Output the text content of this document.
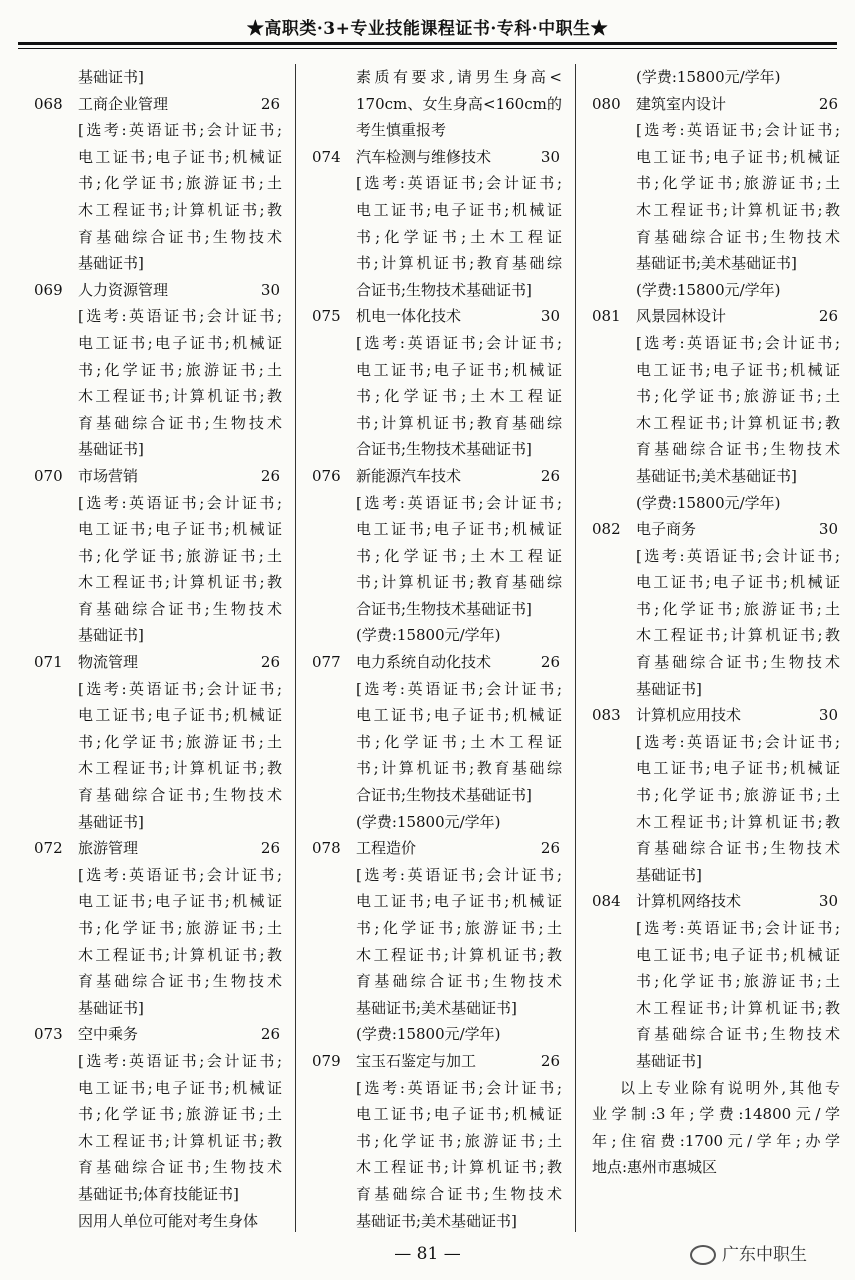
★高职类·3+专业技能课程证书·专科·中职生★
基础证书]
068 工商企业管理	26
[选考:英语证书;会计证书;
电工证书;电子证书;机械证
书;化学证书;旅游证书;土
木工程证书;计算机证书;教
育基础综合证书;生物技术
基础证书]
069 人力资源管理	30
[选考:英语证书;会计证书;
电工证书;电子证书;机械证
书;化学证书;旅游证书;土
木工程证书;计算机证书;教
育基础综合证书;生物技术
基础证书]
070 市场营销	26
[选考:英语证书;会计证书;
电工证书;电子证书;机械证
书;化学证书;旅游证书;土
木工程证书;计算机证书;教
育基础综合证书;生物技术
基础证书]
071 物流管理	26
[选考:英语证书;会计证书;
电工证书;电子证书;机械证
书;化学证书;旅游证书;土
木工程证书;计算机证书;教
育基础综合证书;生物技术
基础证书]
072 旅游管理	26
[选考:英语证书;会计证书;
电工证书;电子证书;机械证
书;化学证书;旅游证书;土
木工程证书;计算机证书;教
育基础综合证书;生物技术
基础证书]
073 空中乘务	26
[选考:英语证书;会计证书;
电工证书;电子证书;机械证
书;化学证书;旅游证书;土
木工程证书;计算机证书;教
育基础综合证书;生物技术
基础证书;体育技能证书]
因用人单位可能对考生身体
素质有要求,请男生身高<
170cm、女生身高<160cm的
考生慎重报考
074 汽车检测与维修技术	30
[选考:英语证书;会计证书;
电工证书;电子证书;机械证
书;化学证书;土木工程证
书;计算机证书;教育基础综
合证书;生物技术基础证书]
075 机电一体化技术	30
[选考:英语证书;会计证书;
电工证书;电子证书;机械证
书;化学证书;土木工程证
书;计算机证书;教育基础综
合证书;生物技术基础证书]
076 新能源汽车技术	26
[选考:英语证书;会计证书;
电工证书;电子证书;机械证
书;化学证书;土木工程证
书;计算机证书;教育基础综
合证书;生物技术基础证书]
(学费:15800元/学年)
077 电力系统自动化技术	26
[选考:英语证书;会计证书;
电工证书;电子证书;机械证
书;化学证书;土木工程证
书;计算机证书;教育基础综
合证书;生物技术基础证书]
(学费:15800元/学年)
078 工程造价	26
[选考:英语证书;会计证书;
电工证书;电子证书;机械证
书;化学证书;旅游证书;土
木工程证书;计算机证书;教
育基础综合证书;生物技术
基础证书;美术基础证书]
(学费:15800元/学年)
079 宝玉石鉴定与加工	26
[选考:英语证书;会计证书;
电工证书;电子证书;机械证
书;化学证书;旅游证书;土
木工程证书;计算机证书;教
育基础综合证书;生物技术
基础证书;美术基础证书]
(学费:15800元/学年)
080 建筑室内设计	26
[选考:英语证书;会计证书;
电工证书;电子证书;机械证
书;化学证书;旅游证书;土
木工程证书;计算机证书;教
育基础综合证书;生物技术
基础证书;美术基础证书]
(学费:15800元/学年)
081 风景园林设计	26
[选考:英语证书;会计证书;
电工证书;电子证书;机械证
书;化学证书;旅游证书;土
木工程证书;计算机证书;教
育基础综合证书;生物技术
基础证书;美术基础证书]
(学费:15800元/学年)
082 电子商务	30
[选考:英语证书;会计证书;
电工证书;电子证书;机械证
书;化学证书;旅游证书;土
木工程证书;计算机证书;教
育基础综合证书;生物技术
基础证书]
083 计算机应用技术	30
[选考:英语证书;会计证书;
电工证书;电子证书;机械证
书;化学证书;旅游证书;土
木工程证书;计算机证书;教
育基础综合证书;生物技术
基础证书]
084 计算机网络技术	30
[选考:英语证书;会计证书;
电工证书;电子证书;机械证
书;化学证书;旅游证书;土
木工程证书;计算机证书;教
育基础综合证书;生物技术
基础证书]
以上专业除有说明外,其他专
业学制:3年;学费:14800元/学
年;住宿费:1700元/学年;办学
地点:惠州市惠城区
— 81 —	广东中职生
